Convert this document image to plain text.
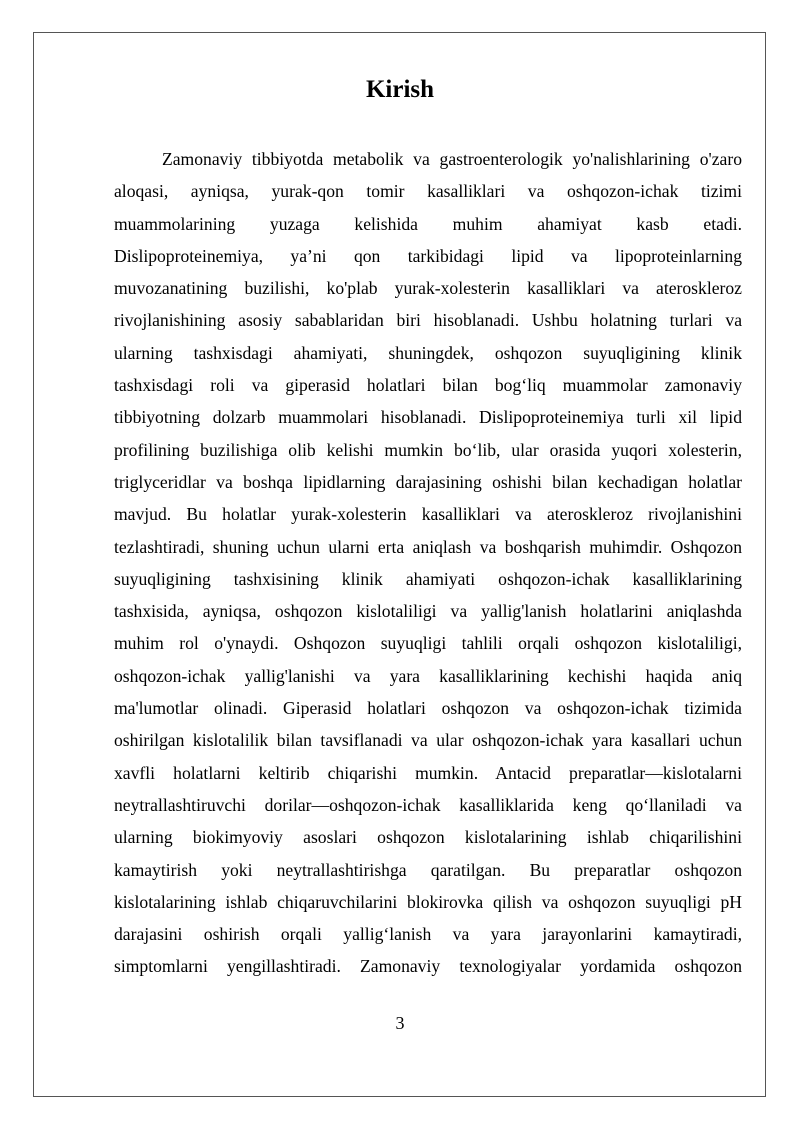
Kirish

Zamonaviy tibbiyotda metabolik va gastroenterologik yo'nalishlarining o'zaro
aloqasi, ayniqsa, yurak-qon tomir kasalliklari va oshqozon-ichak tizimi
muammolarining yuzaga kelishida muhim ahamiyat kasb etadi.
Dislipoproteinemiya, ya’ni qon tarkibidagi lipid va lipoproteinlarning
muvozanatining buzilishi, ko'plab yurak-xolesterin kasalliklari va ateroskleroz
rivojlanishining asosiy sabablaridan biri hisoblanadi. Ushbu holatning turlari va
ularning tashxisdagi ahamiyati, shuningdek, oshqozon suyuqligining klinik
tashxisdagi roli va giperasid holatlari bilan bog‘liq muammolar zamonaviy
tibbiyotning dolzarb muammolari hisoblanadi. Dislipoproteinemiya turli xil lipid
profilining buzilishiga olib kelishi mumkin bo‘lib, ular orasida yuqori xolesterin,
triglyceridlar va boshqa lipidlarning darajasining oshishi bilan kechadigan holatlar
mavjud. Bu holatlar yurak-xolesterin kasalliklari va ateroskleroz rivojlanishini
tezlashtiradi, shuning uchun ularni erta aniqlash va boshqarish muhimdir. Oshqozon
suyuqligining tashxisining klinik ahamiyati oshqozon-ichak kasalliklarining
tashxisida, ayniqsa, oshqozon kislotaliligi va yallig'lanish holatlarini aniqlashda
muhim rol o'ynaydi. Oshqozon suyuqligi tahlili orqali oshqozon kislotaliligi,
oshqozon-ichak yallig'lanishi va yara kasalliklarining kechishi haqida aniq
ma'lumotlar olinadi. Giperasid holatlari oshqozon va oshqozon-ichak tizimida
oshirilgan kislotalilik bilan tavsiflanadi va ular oshqozon-ichak yara kasallari uchun
xavfli holatlarni keltirib chiqarishi mumkin. Antacid preparatlar—kislotalarni
neytrallashtiruvchi dorilar—oshqozon-ichak kasalliklarida keng qo‘llaniladi va
ularning biokimyoviy asoslari oshqozon kislotalarining ishlab chiqarilishini
kamaytirish yoki neytrallashtirishga qaratilgan. Bu preparatlar oshqozon
kislotalarining ishlab chiqaruvchilarini blokirovka qilish va oshqozon suyuqligi pH
darajasini oshirish orqali yallig‘lanish va yara jarayonlarini kamaytiradi,
simptomlarni yengillashtiradi. Zamonaviy texnologiyalar yordamida oshqozon

3
